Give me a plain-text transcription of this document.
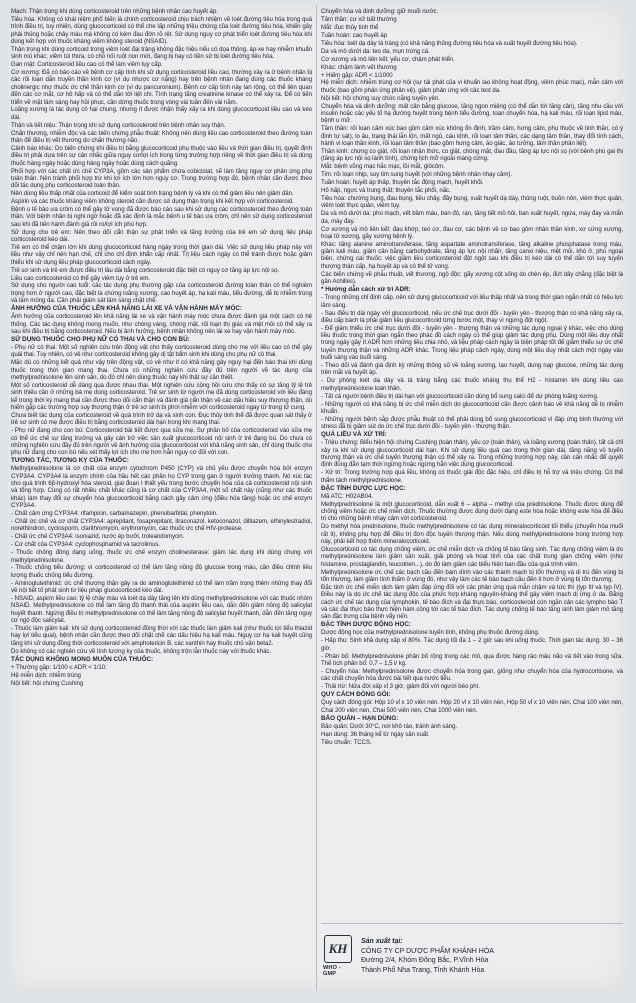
Mạch: Thận trọng khi dùng corticosteroid trên những bệnh nhân cao huyết áp.
Tiêu hóa: Không có khái niệm phổ biến là chính corticosteroid chịu trách nhiệm về loét đường tiêu hóa trong quá trình điều trị, tuy nhiên, dùng glucocorticoid có thể che lấp những triệu chứng của loét đường tiêu hóa, khiến gây phải thủng hoặc chảy máu mà không có kèm đau đớn rõ rệt. Sử dụng nguy cơ phát triển loét đường tiêu hóa khi dùng kết hợp với thuốc kháng viêm không steroid (NSAID).
Thận trọng khi dùng corticoid trong viêm loét đại tràng không đặc hiệu nếu có dọa thủng, áp-xe hay nhiễm khuẩn sinh mủ khác; viêm túi thừa, có chỗ nối ruột non mới, đang bị hay có tiền sử bị loét đường tiêu hóa.
Gan mật: Corticosteroid liều cao có thể làm viêm tụy cấp.
Cơ xương: Đã có báo cáo về bệnh cơ cấp tính khi sử dụng corticosteroid liều cao, thường xảy ra ở bệnh nhân bị các rối loạn dẫn truyền thần kinh cơ (ví dụ nhược cơ nặng) hay trên bệnh nhân đang dùng các thuốc kháng cholinergic như thuốc ức chế thần kinh cơ (ví dụ pancuronium). Bệnh cơ cấp tính này lan rộng, có thể liên quan đến các cơ mắt, cơ hô hấp và có thể dẫn tới liệt chi. Tình trạng tăng creatinine kinase có thể xảy ra. Để có tiến triển về mặt lâm sàng hay hồi phục, cần dừng thuốc trong vòng vài tuần đến vài năm.
Loãng xương là tác dụng có hại chung, nhưng ít được nhận thấy xảy ra khi dùng glucocorticoid liều cao và kéo dài.
Thận và tiết niệu: Thận trọng khi sử dụng corticosteroid trên bệnh nhân suy thận.
Chấn thương, nhiễm độc và các biến chứng phẫu thuật: Không nên dùng liều cao corticosteroid theo đường toàn thân để điều trị vết thương do chấn thương não.
Cảnh báo khác: Do biến chứng khi điều trị bằng glucocorticoid phụ thuộc vào liều và thời gian điều trị, quyết định điều trị phải dựa trên sự cân nhắc giữa nguy cơ/lợi ích trong từng trường hợp riêng về thời gian điều trị và dùng thuốc hàng ngày hoặc dùng hàng ngày hoặc dùng cách quãng.
Phối hợp với các chất ức chế CYP3A, gồm các sản phẩm chứa cobicistat, sẽ làm tăng nguy cơ phản ứng phụ toàn thân. Nên tránh phối hợp trừ khi lợi ích lớn hơn nguy cơ. Trong trường hợp đó, bệnh nhân cần được theo dõi tác dụng phụ corticosteroid toàn thân.
Nên dùng liều thấp nhất của corticoid để kiểm soát tình trạng bệnh lý và khi có thể giảm liều nên giảm dần.
Aspirin và các thuốc kháng viêm không steroid cần được sử dụng thận trọng khi kết hợp với corticosteroid.
Bệnh u tế bào ưa crôm có thể gây tử vong đã được báo cáo sau khi sử dụng các corticosteroid theo đường toàn thân. Với bệnh nhân bị nghi ngờ hoặc đã xác định là mắc bệnh u tế bào ưa crôm, chỉ nên sử dụng corticosteroid sau khi đã tiến hành đánh giá rủi ro/lợi ích phù hợp.
Sử dụng cho trẻ em: Nên theo dõi cẩn thận sự phát triển và tăng trưởng của trẻ em sử dụng liệu pháp corticosteroid kéo dài.
Trẻ em có thể chậm lớn khi dùng glucocorticoid hàng ngày trong thời gian dài. Việc sử dụng liệu pháp này với liều như vậy chỉ nên hạn chế, chỉ cho chỉ định khẩn cấp nhất. Trị liệu cách ngày có thể tránh được hoặc giảm thiểu khi sử dụng liều pháp glucocorticoid cách ngày.
Trẻ sơ sinh và trẻ em được điều trị lâu dài bằng corticosteroid đặc biệt có nguy cơ tăng áp lực nội sọ.
Liều cao corticosteroid có thể gây viêm tụy ở trẻ em.
Sử dụng cho người cao tuổi: các tác dụng phụ thường gặp của corticosteroid đường toàn thân có thể nghiêm trọng hơn ở người cao, đặc biệt là chứng loãng xương, cao huyết áp, hạ kali máu, tiểu đường, dễ bị nhiễm trùng và làm mỏng da. Cần phải giám sát lâm sàng chặt chẽ.
ẢNH HƯỞNG CỦA THUỐC LÊN KHẢ NĂNG LÁI XE VÀ VẬN HÀNH MÁY MÓC:
Ảnh hưởng của corticosteroid lên khả năng lái xe và vận hành máy móc chưa được đánh giá một cách có hệ thống. Các tác dụng không mong muốn, như chóng váng, chóng mặt, rối loạn thị giác và mệt mỏi có thể xảy ra sau khi điều trị bằng corticosteroid. Nếu bị ảnh hưởng, bệnh nhân không nên lái xe hay vận hành máy móc.
SỬ DỤNG THUỐC CHO PHỤ NỮ CÓ THAI VÀ CHO CON BÚ:
- Phụ nữ có thai: Một số nghiên cứu trên động vật cho thấy corticosteroid dùng cho mẹ với liều cao có thể gây quái thai. Tuy nhiên, có vẻ như corticosteroid không gây dị tật bẩm sinh khi dùng cho phụ nữ có thai.
Mặc dù có những kết quả như vậy trên động vật, có vẻ như ít có khả năng gây nguy hại đến bào thai khi dùng thuốc trong thời gian mang thai. Chưa có những nghiên cứu đầy đủ trên người về tác dụng của methylprednisolone lên sinh sản, do đó chỉ nên dùng thuốc này khi thật sự cần thiết.
Một số corticosteroid dễ dàng qua được nhau thai. Một nghiên cứu cộng hồi cứu cho thấy có sự tăng tỷ lệ trẻ sinh thiếu cân ở những bà mẹ dùng corticosteroid. Trẻ sơ sinh từ người mẹ đã dùng corticosteroid với liều đáng kể trong thời kỳ mang thai cần được theo dõi cẩn thận và đánh giá cẩn thận về các dấu hiệu suy thượng thận, dù hiếm gặp các trường hợp suy thượng thận ở trẻ sơ sinh bị phơi nhiễm với corticosteroid ngay từ trong tử cung.
Chưa biết tác dụng của corticosteroid về quá trình trở dạ và sinh con. Đục thủy tinh thể đã được quan sát thấy ở trẻ sơ sinh có mẹ được điều trị bằng corticosteroid dài hạn trong khi mang thai.
- Phụ nữ đang cho con bú: Corticosteroid bài tiết được qua sữa mẹ. Sự phân bố của corticosteroid vào sữa mẹ có thể ức chế sự tăng trưởng và gây cản trở việc sản xuất glucocorticoid nội sinh ở trẻ đang bú. Do chưa có những nghiên cứu đầy đủ trên người về ảnh hưởng của glucocorticoid với khả năng sinh sản, chỉ dùng thuốc cho phụ nữ đang cho con bú nếu xét thấy lợi ích cho mẹ hơn hẳn nguy cơ đối với con.
TƯƠNG TÁC, TƯƠNG KỴ CỦA THUỐC:
Methylprednisolone là cơ chất của enzym cytochrom P450 (CYP) và chủ yếu được chuyển hóa bởi enzym CYP3A4. CYP3A4 là enzym chính của hầu hết các phân họ CYP trong gan ở người trưởng thành. Nó xúc tác cho quá trình 6β-hydroxyl hóa steroid, giai đoạn I thiết yếu trong bước chuyển hóa của cả corticosteroid nội sinh và tổng hợp. Cùng có rất nhiều chất khác cũng là cơ chất của CYP3A4, một số chất này (cũng như các thuốc khác) làm thay đổi sự chuyển hóa glucocorticoid bằng cách gây cảm ứng (điều hòa tăng) hoặc ức chế enzym CYP3A4.
- Chất cảm ứng CYP3A4: rifampicin, carbamazepin, phenobarbital, phenytoin.
- Chất ức chế và cơ chất CYP3A4: aprepitant, fosaprepitant, itraconazol, ketoconazol, diltiazem, ethinylestradiol, norethindron, cyclosporin, clarithromycin, erythromycin, các thuốc ức chế HIV-protease.
- Chất ức chế CYP3A4: isoniazid, nước ép bưởi, troleandomycin.
- Cơ chất của CYP3A4: cyclophosphamid và tacrolimus.
- Thuốc chống đông dạng uống, thuốc ức chế enzym cholinesterase: giảm tác dụng khi dùng chung với methylprednisolone.
- Thuốc chống tiểu đường: vì corticosteroid có thể làm tăng nồng độ glucose trong máu, cần điều chỉnh liều lượng thuốc chống tiểu đường.
- Aminoglutethimid: ức chế thượng thận gây ra do aminoglutethimid có thể làm trầm trọng thêm những thay đổi về nội tiết tố phát sinh từ liệu pháp glucocorticoid kéo dài.
- NSAID, aspirin liều cao: tỷ lệ chảy máu và loét dạ dày tăng lên khi dùng methylprednisolone với các thuốc nhóm NSAID. Methylprednisolone có thể làm tăng độ thanh thải của aspirin liều cao, dẫn đến giảm nồng độ salicylat huyết thanh. Ngừng điều trị methylprednisolone có thể làm tăng nồng độ salicylat huyết thanh, dẫn đến tăng nguy cơ ngộ độc salicylat.
- Thuốc làm giảm kali: khi sử dụng corticosteroid đồng thời với các thuốc làm giảm kali (như thuốc lợi tiểu thiazid hay lợi tiểu quai), bệnh nhân cần được theo dõi chặt chẽ các dấu hiệu hạ kali máu. Nguy cơ hạ kali huyết cũng tăng khi sử dụng đồng thời corticosteroid với amphotericin B, các xanthin hay thuốc chủ vận beta2.
Do không có các nghiên cứu về tính tương kỵ của thuốc, không trộn lẫn thuốc này với thuốc khác.
TÁC DỤNG KHÔNG MONG MUỐN CỦA THUỐC:
+ Thường gặp: 1/100 ≤ ADR < 1/10:
Hệ miễn dịch: nhiễm trùng
Nội tiết: hội chứng Cushing
Chuyển hóa và dinh dưỡng: giữ muối nước.
Tâm thần: cư xử bất thường
Mắt: đục thủy tinh thể
Tuần hoàn: cao huyết áp
Tiêu hóa: loét dạ dày tá tràng (có khả năng thủng đường tiêu hóa và xuất huyết đường tiêu hóa).
Da và mô dưới da: teo da, mụn trứng cá.
Cơ xương và mô liên kết: yếu cơ, chậm phát triển.
Khác: chậm lành vết thương
+ Hiếm gặp: ADR < 1/1000
Hệ miễn dịch: nhiễm trùng cơ hội (sự tái phát của vi khuẩn lao không hoạt động, viêm phúc mạc), mẫn cảm với thuốc (bao gồm phản ứng phản vệ), giảm phản ứng với các test da.
Nội tiết: hội chứng suy chức năng tuyến yên.
Chuyển hóa và dinh dưỡng: mất cân bằng glucose, tăng ngon miệng (có thể dẫn tới tăng cân), tăng nhu cầu với insulin hoặc các yếu tố hạ đường huyết trong bệnh tiểu đường, toan chuyển hóa, hạ kali máu, rối loạn lipid máu, bệnh u mỡ.
Tâm thần: rối loạn cảm xúc bao gồm cảm xúc không ổn định, trầm cảm, hưng cảm, phụ thuộc về tinh thần, có ý định tự sát), lo âu, trạng thái lẫn lộn, mất ngủ, cáu kỉnh, rối loạn tâm thần, các dạng tâm thần, thay đổi tính cách, hành vi loạn thần kinh, rối loạn tâm thần (bao gồm hưng cảm, ảo giác, ảo tưởng, tâm thần phân liệt).
Thần kinh: chứng co giật, rối loạn nhận thức, co giật, chóng mặt, đau đầu, tăng áp lực nội sọ (với bệnh phù gai thị (tăng áp lực nội sọ lành tính), chứng lịch mỡ ngoài màng cứng.
Mắt: bệnh võng mạc hắc mạc, lồi mắt, glôcôm.
Tim: rối loạn nhịp, suy tim sung huyết (với những bệnh nhân nhạy cảm).
Tuần hoàn: huyết áp thấp, thuyên tắc động mạch, huyết khối.
Hô hấp, ngực và trung thất: thuyên tắc phổi, nấc.
Tiêu hóa: chướng bụng, đau bụng, tiêu chảy, đầy bụng, xuất huyết dạ dày, thủng ruột, buồn nôn, viêm thực quản, viêm loét thực quản, viêm tụy.
Da và mô dưới da: phù mạch, vết bầm máu, ban đỏ, rạn, tăng tiết mồ hôi, ban xuất huyết, ngứa, mày đay và mẩn da, mày đay.
Cơ xương và mô liên kết: đau khớp, teo cơ, đau cơ, các bệnh về cơ bao gồm nhân thần kinh, xơ cứng xương, hoại tử xương, gãy xương bệnh lý.
Khác: tăng alanine aminotransferase, tăng aspartate aminotransferase, tăng alkaline phosphatase trong máu, giảm kali máu, giảm cân bằng carbohydrate, tăng áp lực nội nhãn, tăng canxi niệu, mệt mỏi, khó ở, phù ngoại biên, chứng cai thuốc: việc giảm liều corticosteroid đột ngột sau khi điều trị kéo dài có thể dẫn tới suy tuyến thượng thận cấp, hạ huyết áp và có thể tử vong.
Các biến chứng về phẫu thuật, vết thương, ngộ độc: gãy xương cột sống do chèn ép, đứt dây chằng (đặc biệt là gân Achilles).
* Hướng dẫn cách xử trí ADR:
- Trong những chỉ định cấp, nên sử dụng glucocorticoid với liều thấp nhất và trong thời gian ngắn nhất có hiệu lực lâm sàng.
- Sau điều trị dài ngày với glucocorticoid, nếu ức chế trục dưới đồi - tuyến yên - thượng thận có khả năng xảy ra, điều cấp bách là phải giảm liều glucocorticoid từng bước một, thay vì ngừng đột ngột.
- Để giảm thiểu ức chế trục dưới đồi - tuyến yên - thượng thận và những tác dụng ngoại ý khác, việc cho dùng liều thuốc trong thời gian ngắn theo phác đồ cách ngày có thể giúp giảm tác dụng phụ. Dùng một liều duy nhất trong ngày gây ít ADR hơn những liều chia nhỏ, và liệu pháp cách ngày là biện pháp tốt để giảm thiểu sự ức chế tuyến thượng thận và những ADR khác. Trong liệu pháp cách ngày, dùng một liều duy nhất cách một ngày vào buổi sáng vào buổi sáng.
- Theo dõi và đánh giá định kỳ những thông số về loãng xương, tạo huyết, dung nạp glucose, những tác dụng trên mắt và huyết áp.
- Dự phòng loét dạ dày và tá tràng bằng các thuốc kháng thụ thể H2 - histamin khi dùng liều cao methylprednisolone toàn thân.
- Tất cả người bệnh điều trị dài hạn với glucocorticoid cần dùng bổ sung calci để dự phòng loãng xương.
- Những người có khả năng bị ức chế miễn dịch do glucocorticoid cần được cảnh báo về khả năng dễ bị nhiễm khuẩn.
- Những người bệnh sắp được phẫu thuật có thể phải dùng bổ sung glucocorticoid vì đáp ứng bình thường với stress đã bị giảm sút do ức chế trục dưới đồi - tuyến yên - thượng thận.
QUÁ LIỀU VÀ XỬ TRÍ:
- Triệu chứng: Biểu hiện hội chứng Cushing (toàn thân), yếu cơ (toàn thân), và loãng xương (toàn thân), tất cả chỉ xảy ra khi sử dụng glucocorticoid dài hạn. Khi sử dụng liều quá cao trong thời gian dài, tăng năng vỏ tuyến thượng thận và ức chế tuyến thượng thận có thể xảy ra. Trong những trường hợp này, cần cân nhắc để quyết định đúng đắn tạm thời ngừng hoặc ngừng hẳn việc dùng glucocorticoid.
- Xử trí: Trong trường hợp quá liều, không có thuốc giải độc đặc hiệu, chỉ điều trị hỗ trợ và triệu chứng. Có thể thẩm tách methylprednisolone.
ĐẶC TÍNH DƯỢC LỰC HỌC:
Mã ATC: H02AB04.
Methylprednisolone là một glucocorticoid, dẫn xuất 6 – alpha – methyl của prednisolone. Thuốc được dùng để chống viêm hoặc ức chế miễn dịch. Thuốc thường được dùng dưới dạng este hòa hoặc không este hòa để điều trị cho những bệnh nhạy cảm với corticosteroid.
Do methyl hóa prednisolone, thuốc methylprednisolone có tác dụng mineralocorticoid tối thiểu (chuyển hóa muối rất ít), không phụ hợp để điều trị đơn độc tuyến thượng thận. Nếu dùng methylprednisolone trong trường hợp này, phải kết hợp thêm mineralocorticoid.
Glucocorticoid có tác dụng chống viêm, ức chế miễn dịch và chống tế bào tăng sinh. Tác dụng chống viêm là do methylprednisolone làm giảm sản xuất, giải phóng và hoạt tính của các chất trung gian chống viêm (như histamine, prostaglandin, leucotrien...), do đó làm giảm các biểu hiện ban đầu của quá trình viêm.
Methylprednisolone ức chế các bạch cầu đến bám dính vào các thành mạch bị tổn thương và di trú đến vùng bị tổn thương, làm giảm tính thấm ở vùng đó, như vậy làm các tế bào bạch cầu đến ít hơn ở vùng bị tổn thương.
Đặc tính ức chế miễn dịch làm giảm đáp ứng đối với các phản ứng quá mẫn chậm và tức thì (typ III và typ IV). Điều này là do ức chế tác dụng độc của phức hợp kháng nguyên-kháng thể gây viêm mạch dị ứng ở da. Bằng cách ức chế tác dụng của lymphokin, tế bào đích và đại thực bào, corticosteroid còn ngăn cản các lympho bào T và các đại thực bào thực hiện hàm công tới các tế bào đích. Tác dụng chống tế bào tăng sinh làm giảm mô tăng sản đặc trưng của bệnh vẩy nến.
ĐẶC TÍNH DƯỢC ĐỘNG HỌC:
Dược động học của methylprednisolone tuyến tính, không phụ thuộc đường dùng.
- Hấp thu: Sinh khả dụng xấp xỉ 80%. Tác dụng tối đa 1 – 2 giờ sau khi uống thuốc. Thời gian tác dụng: 30 – 36 giờ.
- Phân bố: Methylprednisolone phân bố rộng trong các mô, qua được hàng rào máu não và tiết vào trong sữa. Thể tích phân bố: 0,7 – 1,5 l/ kg.
- Chuyển hóa: Methylprednisolone được chuyển hóa trong gan, giống như chuyển hóa của hydrocortisone, và các chất chuyển hóa được bài tiết qua nước tiểu.
- Thải trừ: Nửa đời xấp xỉ 3 giờ, giảm đối với người béo phì.
QUY CÁCH ĐÓNG GÓI:
Quy cách đóng gói: Hộp 10 vỉ x 10 viên nén. Hộp 20 vỉ x 10 viên nén, Hộp 50 vỉ x 10 viên nén, Chai 100 viên nén, Chai 200 viên nén, Chai 500 viên nén, Chai 1000 viên nén.
BẢO QUẢN – HẠN DÙNG:
Bảo quản: Dưới 30°C, nơi khô ráo, tránh ánh sáng.
Hạn dùng: 36 tháng kể từ ngày sản xuất.
Tiêu chuẩn: TCCS.
KH
WHO - GMP
Sản xuất tại:
CÔNG TY CP DƯỢC PHẨM KHÁNH HÒA
Đường 2/4, Khóm Đông Bắc, P.Vĩnh Hòa
Thành Phố Nha Trang, Tỉnh Khánh Hòa
